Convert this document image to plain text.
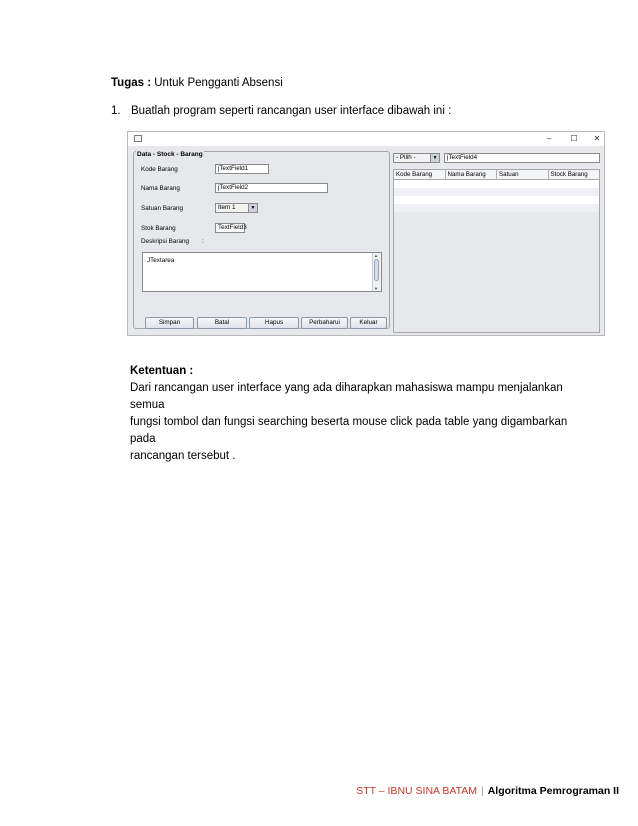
Tugas : Untuk Pengganti Absensi
1. Buatlah program seperti rancangan user interface dibawah ini :
–	☐	✕
Data - Stock - Barang
Kode Barang	jTextField1
Nama Barang	jTextField2
Satuan Barang	Item 1	▼
Stok Barang	TextField3
Deskripsi Barang :
JTextarea
▲
▼
Simpan	Batal	Hapus	Perbaharui	Keluar
- Pilih -	▼	jTextField4
Kode Barang	Nama Barang	Satuan	Stock Barang
Ketentuan :
Dari rancangan user interface yang ada diharapkan mahasiswa mampu menjalankan semua
fungsi tombol dan fungsi searching beserta mouse click pada table yang digambarkan pada
rancangan tersebut .
STT – IBNU SINA BATAM | Algoritma Pemrograman II
